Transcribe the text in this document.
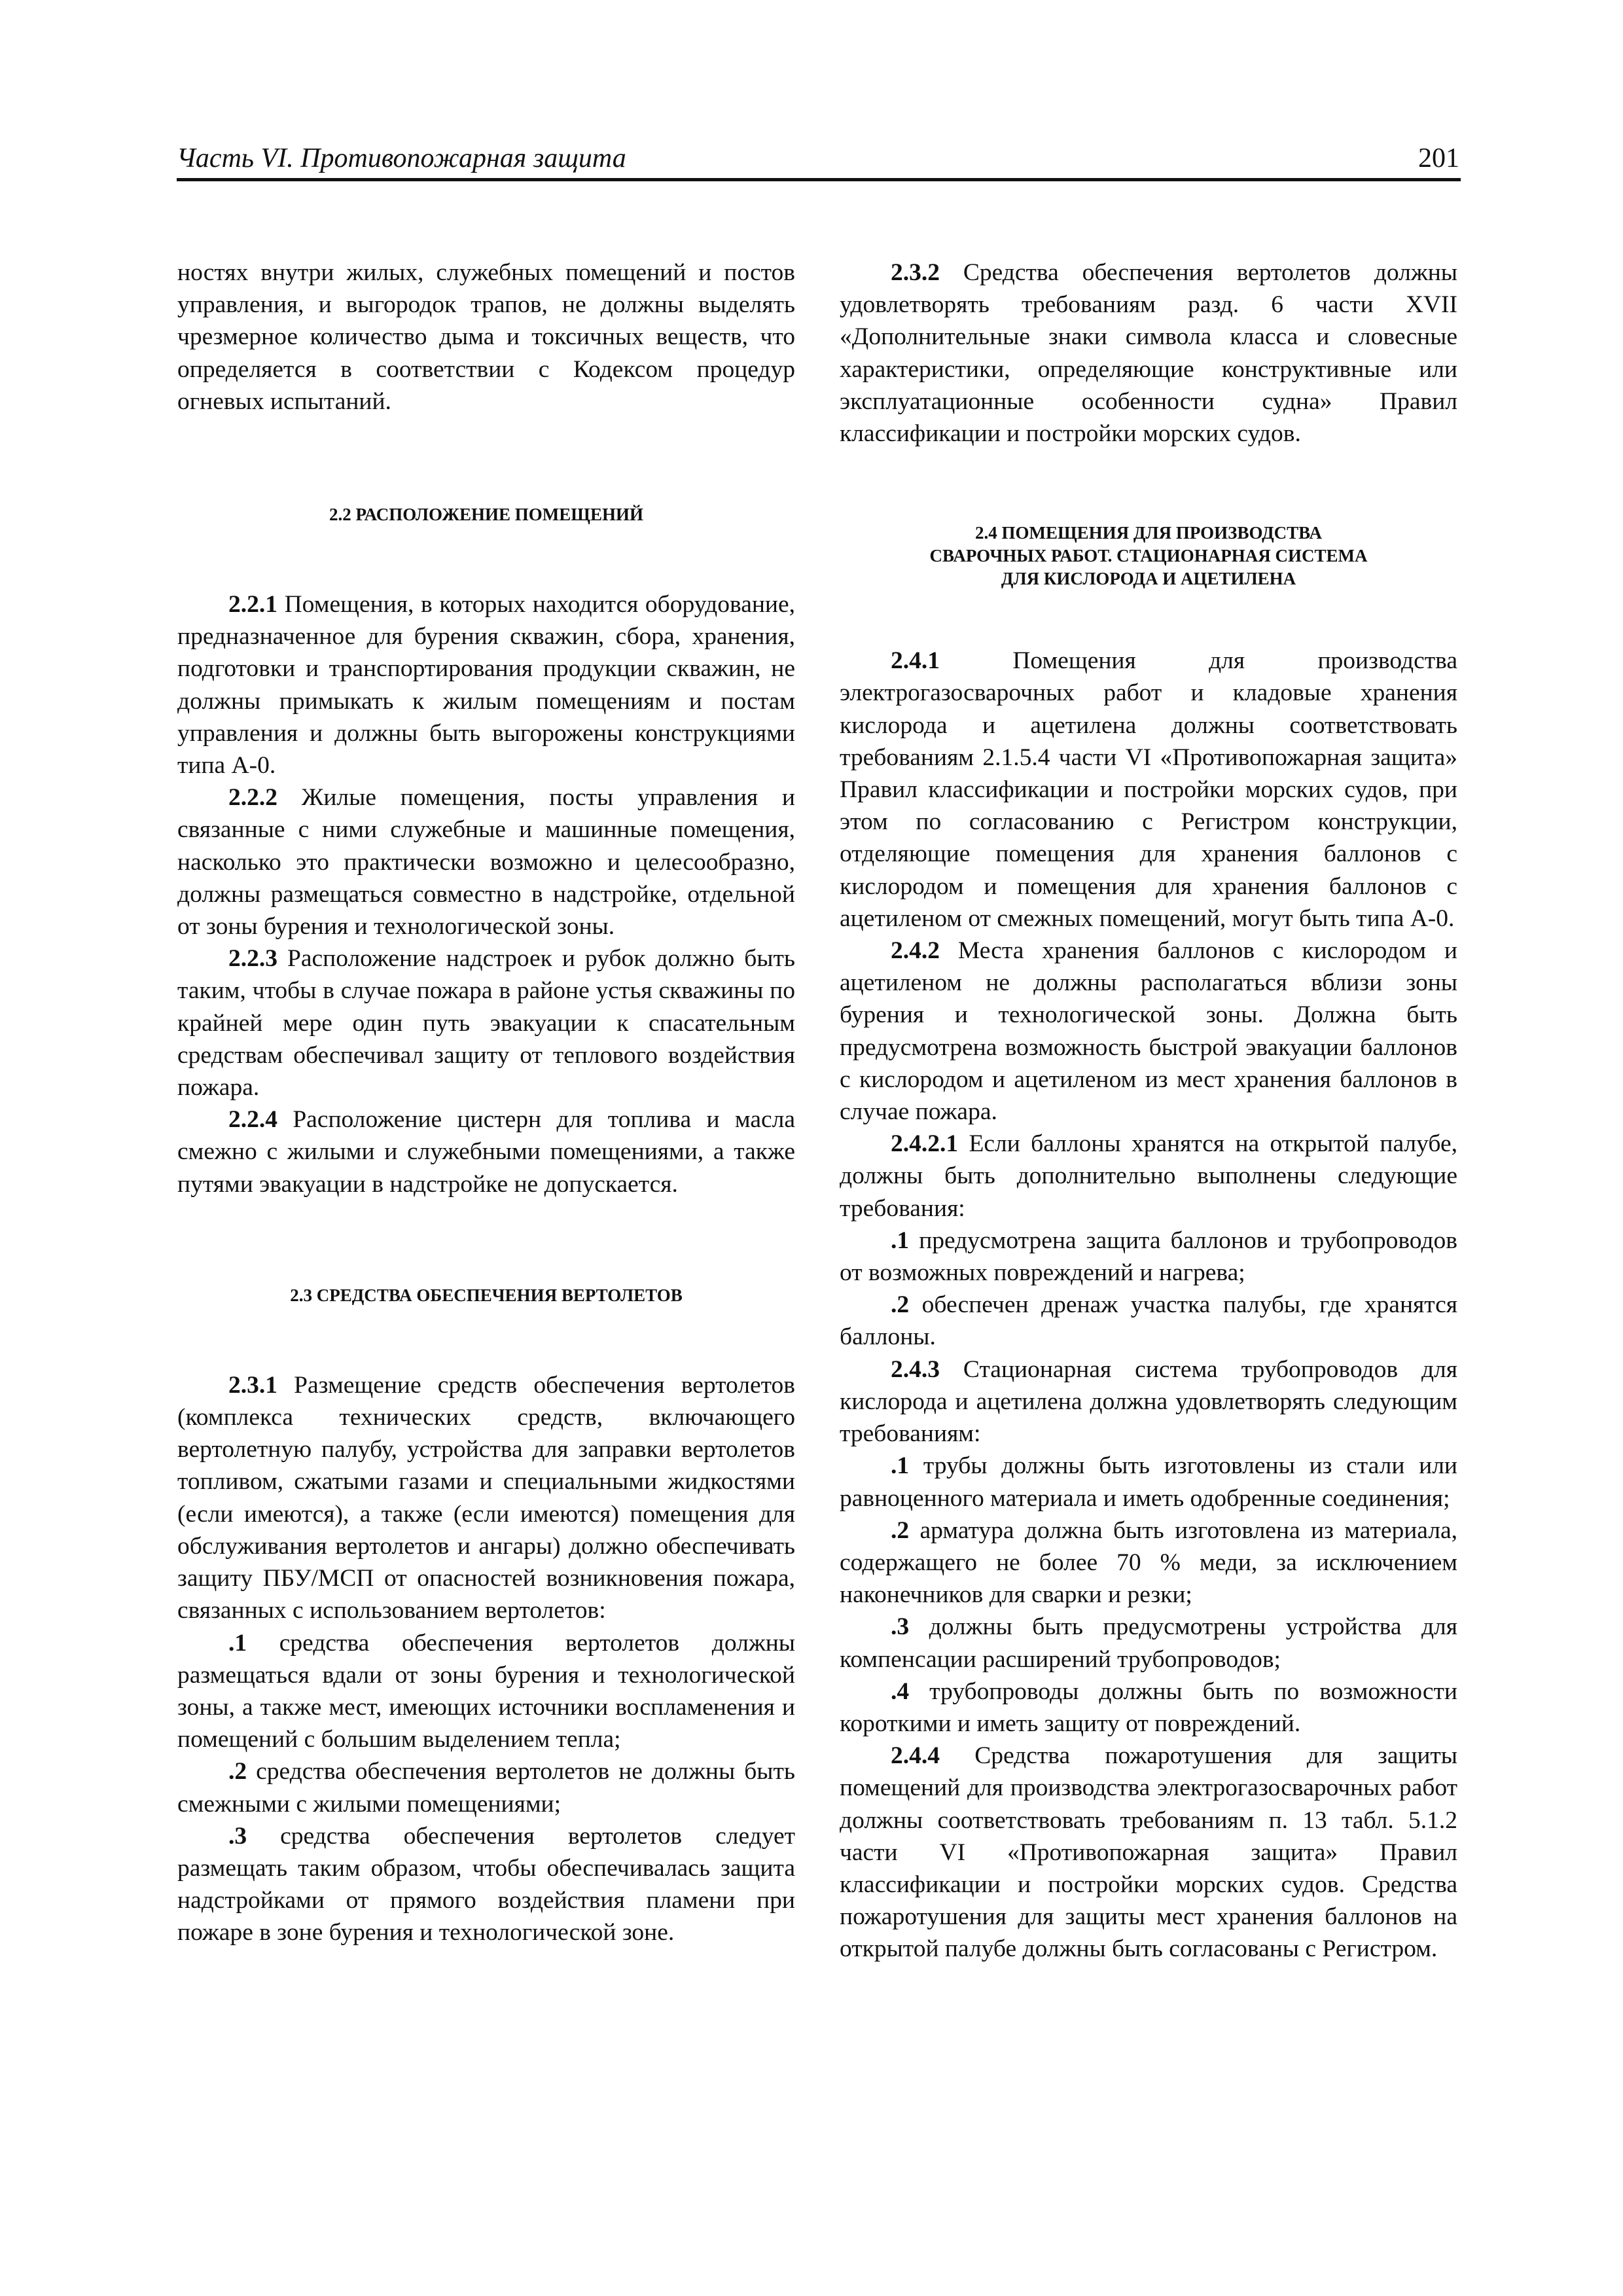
Часть VI. Противопожарная защита	201

ностях внутри жилых, служебных помещений и постов управления, и выгородок трапов, не должны выделять чрезмерное количество дыма и токсичных веществ, что определяется в соответствии с Кодексом процедур огневых испытаний.

2.2 РАСПОЛОЖЕНИЕ ПОМЕЩЕНИЙ

2.2.1 Помещения, в которых находится оборудование, предназначенное для бурения скважин, сбора, хранения, подготовки и транспортирования продукции скважин, не должны примыкать к жилым помещениям и постам управления и должны быть выгорожены конструкциями типа А-0.

2.2.2 Жилые помещения, посты управления и связанные с ними служебные и машинные помещения, насколько это практически возможно и целесообразно, должны размещаться совместно в надстройке, отдельной от зоны бурения и технологической зоны.

2.2.3 Расположение надстроек и рубок должно быть таким, чтобы в случае пожара в районе устья скважины по крайней мере один путь эвакуации к спасательным средствам обеспечивал защиту от теплового воздействия пожара.

2.2.4 Расположение цистерн для топлива и масла смежно с жилыми и служебными помещениями, а также путями эвакуации в надстройке не допускается.

2.3 СРЕДСТВА ОБЕСПЕЧЕНИЯ ВЕРТОЛЕТОВ

2.3.1 Размещение средств обеспечения вертолетов (комплекса технических средств, включающего вертолетную палубу, устройства для заправки вертолетов топливом, сжатыми газами и специальными жидкостями (если имеются), а также (если имеются) помещения для обслуживания вертолетов и ангары) должно обеспечивать защиту ПБУ/МСП от опасностей возникновения пожара, связанных с использованием вертолетов:

.1 средства обеспечения вертолетов должны размещаться вдали от зоны бурения и технологической зоны, а также мест, имеющих источники воспламенения и помещений с большим выделением тепла;

.2 средства обеспечения вертолетов не должны быть смежными с жилыми помещениями;

.3 средства обеспечения вертолетов следует размещать таким образом, чтобы обеспечивалась защита надстройками от прямого воздействия пламени при пожаре в зоне бурения и технологической зоне.

2.3.2 Средства обеспечения вертолетов должны удовлетворять требованиям разд. 6 части XVII «Дополнительные знаки символа класса и словесные характеристики, определяющие конструктивные или эксплуатационные особенности судна» Правил классификации и постройки морских судов.

2.4 ПОМЕЩЕНИЯ ДЛЯ ПРОИЗВОДСТВА
СВАРОЧНЫХ РАБОТ. СТАЦИОНАРНАЯ СИСТЕМА
ДЛЯ КИСЛОРОДА И АЦЕТИЛЕНА

2.4.1 Помещения для производства электрогазосварочных работ и кладовые хранения кислорода и ацетилена должны соответствовать требованиям 2.1.5.4 части VI «Противопожарная защита» Правил классификации и постройки морских судов, при этом по согласованию с Регистром конструкции, отделяющие помещения для хранения баллонов с кислородом и помещения для хранения баллонов с ацетиленом от смежных помещений, могут быть типа А-0.

2.4.2 Места хранения баллонов с кислородом и ацетиленом не должны располагаться вблизи зоны бурения и технологической зоны. Должна быть предусмотрена возможность быстрой эвакуации баллонов с кислородом и ацетиленом из мест хранения баллонов в случае пожара.

2.4.2.1 Если баллоны хранятся на открытой палубе, должны быть дополнительно выполнены следующие требования:

.1 предусмотрена защита баллонов и трубопроводов от возможных повреждений и нагрева;

.2 обеспечен дренаж участка палубы, где хранятся баллоны.

2.4.3 Стационарная система трубопроводов для кислорода и ацетилена должна удовлетворять следующим требованиям:

.1 трубы должны быть изготовлены из стали или равноценного материала и иметь одобренные соединения;

.2 арматура должна быть изготовлена из материала, содержащего не более 70 % меди, за исключением наконечников для сварки и резки;

.3 должны быть предусмотрены устройства для компенсации расширений трубопроводов;

.4 трубопроводы должны быть по возможности короткими и иметь защиту от повреждений.

2.4.4 Средства пожаротушения для защиты помещений для производства электрогазосварочных работ должны соответствовать требованиям п. 13 табл. 5.1.2 части VI «Противопожарная защита» Правил классификации и постройки морских судов. Средства пожаротушения для защиты мест хранения баллонов на открытой палубе должны быть согласованы с Регистром.
